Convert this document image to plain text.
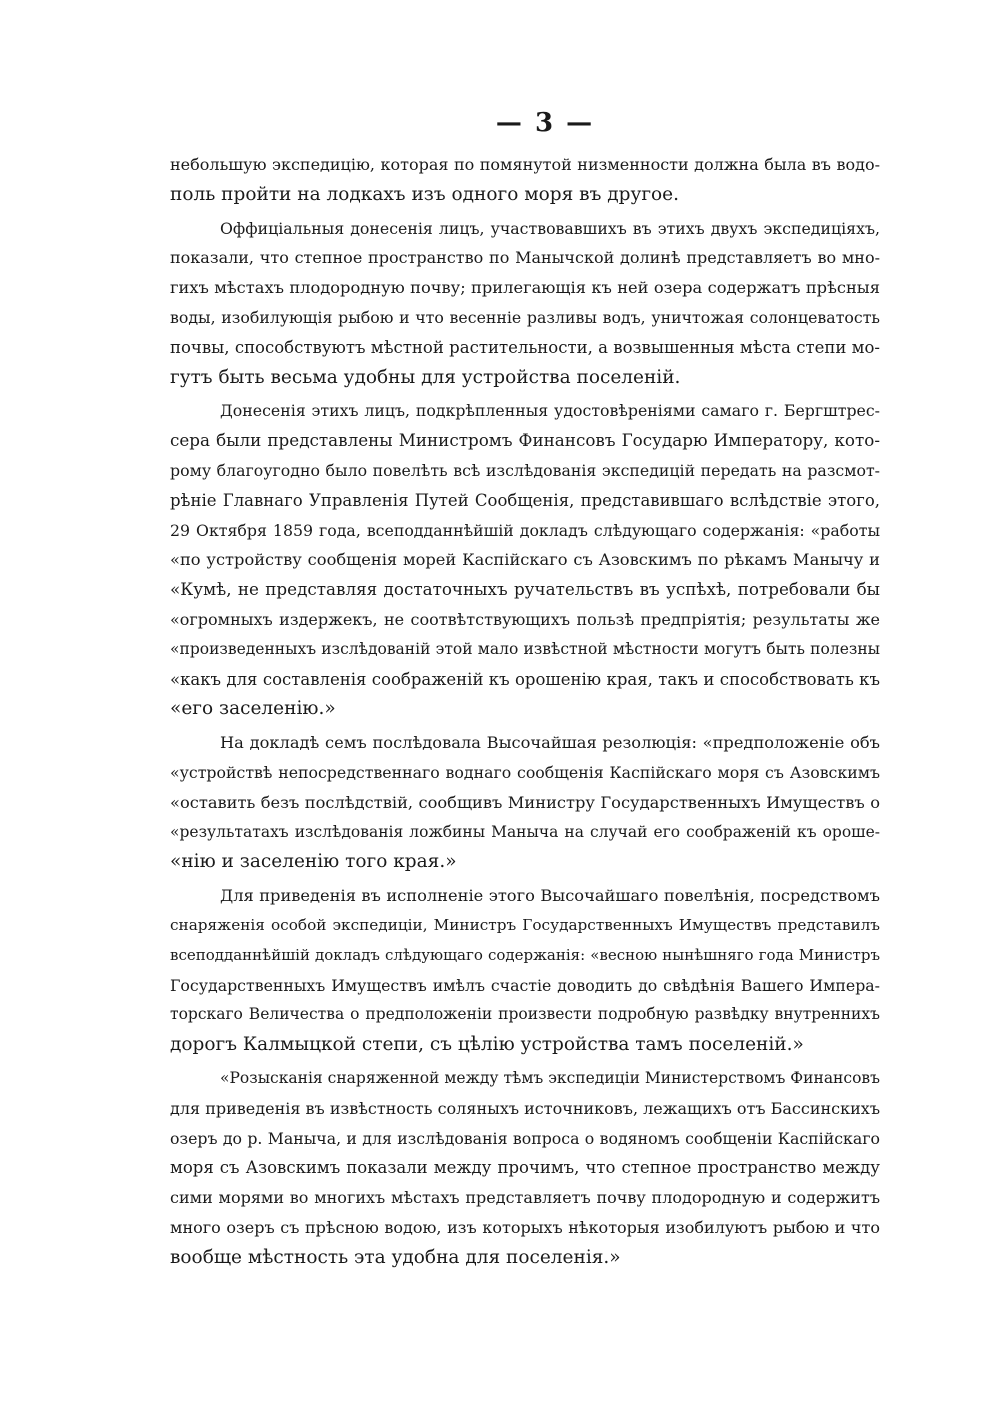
— 3 —
небольшую экспедицію, которая по помянутой низменности должна была въ водо-
поль пройти на лодкахъ изъ одного моря въ другое.
Оффиціальныя донесенія лицъ, участвовавшихъ въ этихъ двухъ экспедиціяхъ,
показали, что степное пространство по Манычской долинѣ представляетъ во мно-
гихъ мѣстахъ плодородную почву; прилегающія къ ней озера содержатъ прѣсныя
воды, изобилующія рыбою и что весенніе разливы водъ, уничтожая солонцеватость
почвы, способствуютъ мѣстной растительности, а возвышенныя мѣста степи мо-
гутъ быть весьма удобны для устройства поселеній.
Донесенія этихъ лицъ, подкрѣпленныя удостовѣреніями самаго г. Бергштрес-
сера были представлены Министромъ Финансовъ Государю Императору, кото-
рому благоугодно было повелѣть всѣ изслѣдованія экспедицій передать на разсмот-
рѣніе Главнаго Управленія Путей Сообщенія, представившаго вслѣдствіе этого,
29 Октября 1859 года, всеподданнѣйшій докладъ слѣдующаго содержанія: «работы
«по устройству сообщенія морей Каспійскаго съ Азовскимъ по рѣкамъ Манычу и
«Кумѣ, не представляя достаточныхъ ручательствъ въ успѣхѣ, потребовали бы
«огромныхъ издержекъ, не соотвѣтствующихъ пользѣ предпріятія; результаты же
«произведенныхъ изслѣдованій этой мало извѣстной мѣстности могутъ быть полезны
«какъ для составленія соображеній къ орошенію края, такъ и способствовать къ
«его заселенію.»
На докладѣ семъ послѣдовала Высочайшая резолюція: «предположеніе объ
«устройствѣ непосредственнаго воднаго сообщенія Каспійскаго моря съ Азовскимъ
«оставить безъ послѣдствій, сообщивъ Министру Государственныхъ Имуществъ о
«результатахъ изслѣдованія ложбины Маныча на случай его соображеній къ ороше-
«нію и заселенію того края.»
Для приведенія въ исполненіе этого Высочайшаго повелѣнія, посредствомъ
снаряженія особой экспедиціи, Министръ Государственныхъ Имуществъ представилъ
всеподданнѣйшій докладъ слѣдующаго содержанія: «весною нынѣшняго года Министръ
Государственныхъ Имуществъ имѣлъ счастіе доводить до свѣдѣнія Вашего Импера-
торскаго Величества о предположеніи произвести подробную развѣдку внутреннихъ
дорогъ Калмыцкой степи, съ цѣлію устройства тамъ поселеній.»
«Розысканія снаряженной между тѣмъ экспедиціи Министерствомъ Финансовъ
для приведенія въ извѣстность соляныхъ источниковъ, лежащихъ отъ Бассинскихъ
озеръ до р. Маныча, и для изслѣдованія вопроса о водяномъ сообщеніи Каспійскаго
моря съ Азовскимъ показали между прочимъ, что степное пространство между
сими морями во многихъ мѣстахъ представляетъ почву плодородную и содержитъ
много озеръ съ прѣсною водою, изъ которыхъ нѣкоторыя изобилуютъ рыбою и что
вообще мѣстность эта удобна для поселенія.»
